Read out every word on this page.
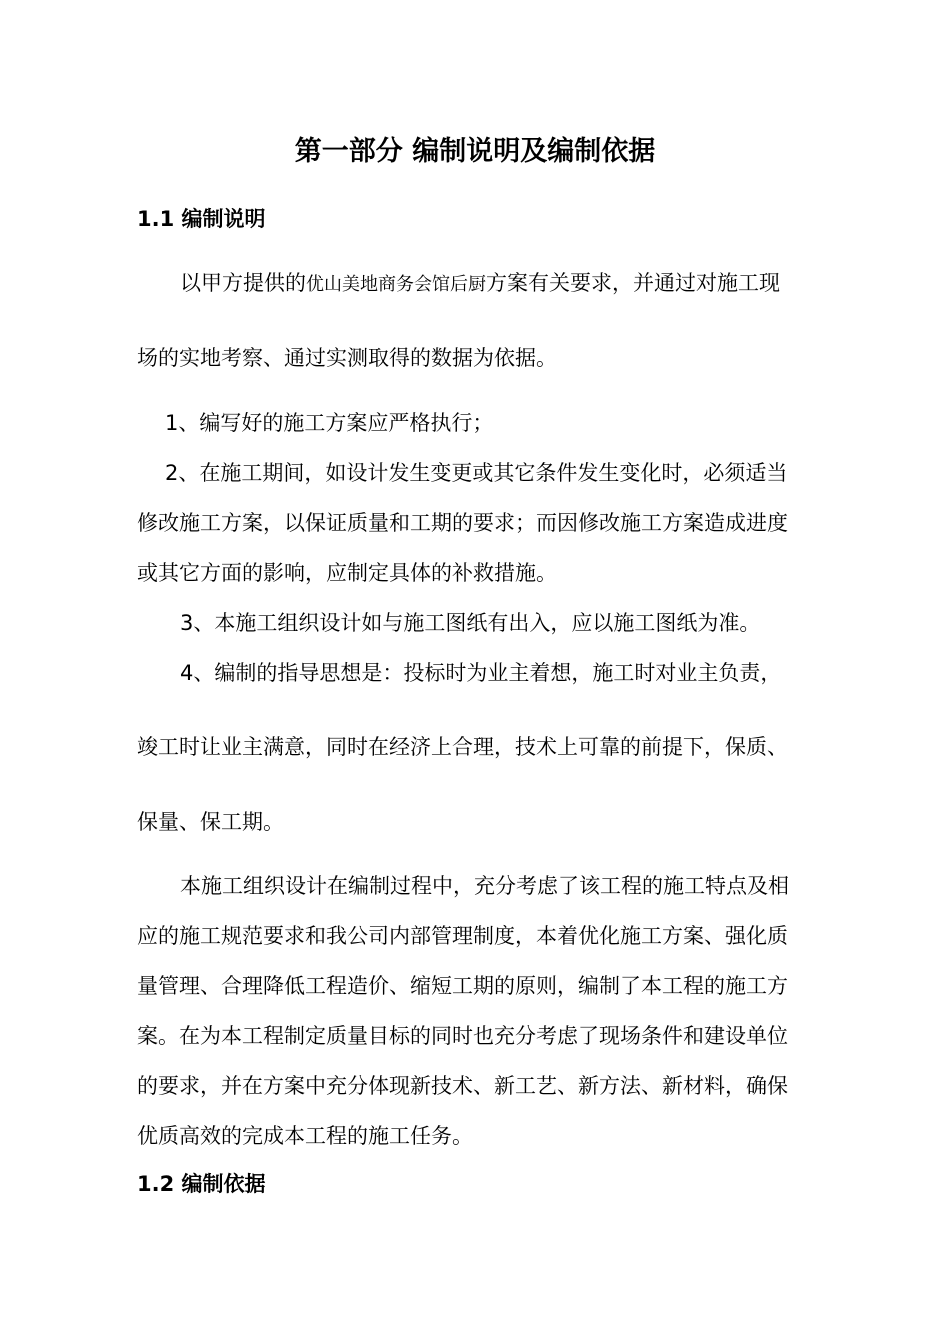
第一部分 编制说明及编制依据
1.1 编制说明
以甲方提供的优山美地商务会馆后厨方案有关要求，并通过对施工现
场的实地考察、通过实测取得的数据为依据。
1、编写好的施工方案应严格执行；
2、在施工期间，如设计发生变更或其它条件发生变化时，必须适当
修改施工方案，以保证质量和工期的要求；而因修改施工方案造成进度
或其它方面的影响，应制定具体的补救措施。
3、本施工组织设计如与施工图纸有出入，应以施工图纸为准。
4、编制的指导思想是：投标时为业主着想，施工时对业主负责，
竣工时让业主满意，同时在经济上合理，技术上可靠的前提下，保质、
保量、保工期。
本施工组织设计在编制过程中，充分考虑了该工程的施工特点及相
应的施工规范要求和我公司内部管理制度，本着优化施工方案、强化质
量管理、合理降低工程造价、缩短工期的原则，编制了本工程的施工方
案。在为本工程制定质量目标的同时也充分考虑了现场条件和建设单位
的要求，并在方案中充分体现新技术、新工艺、新方法、新材料，确保
优质高效的完成本工程的施工任务。
1.2 编制依据
